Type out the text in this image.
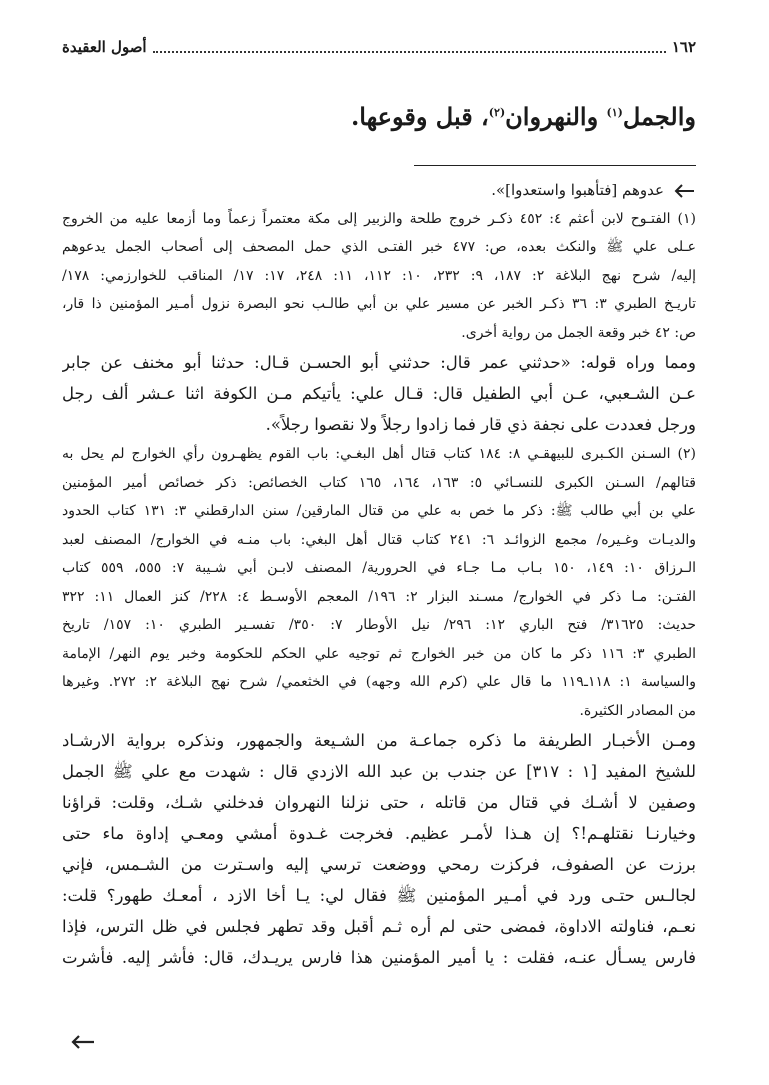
١٦٢
أصول العقيدة
والجمل$^{(١)}$ والنهروان$^{(٢)}$، قبل وقوعها.
عدوهم [فتأهبوا واستعدوا]».
(١) الفتـوح لابن أعثم ٤: ٤٥٢ ذكـر خروج طلحة والزبير إلى مكة معتمراً زعماً وما أزمعا عليه من الخروج
عـلى علي ﷺ والنكث بعده، ص: ٤٧٧ خبر الفتـى الذي حمل المصحف إلى أصحاب الجمل يدعوهم
إليه/ شرح نهج البلاغة ٢: ١٨٧، ٩: ٢٣٢، ١٠: ١١٢، ١١: ٢٤٨، ١٧: ١٧/ المناقب للخوارزمي: ١٧٨/
تاريـخ الطبري ٣: ٣٦ ذكـر الخبر عن مسير علي بن أبي طالـب نحو البصرة نزول أمـير المؤمنين ذا قار،
ص: ٤٢ خبر وقعة الجمل من رواية أخرى.
ومما وراه قوله: «حدثني عمر قال: حدثني أبو الحسـن قـال: حدثنا أبو مخنف عن جابر
عـن الشـعبي، عـن أبي الطفيل قال: قـال علي: يأتيكم مـن الكوفة اثنا عـشر ألف رجل
ورجل فعددت على نجفة ذي قار فما زادوا رجلاً ولا نقصوا رجلاً».
(٢) السـنن الكـبرى للبيهقـي ٨: ١٨٤ كتاب قتال أهل البغـي: باب القوم يظهـرون رأي الخوارج لم يحل به
قتالهم/ السـنن الكبرى للنسـائي ٥: ١٦٣، ١٦٤، ١٦٥ كتاب الخصائص: ذكر خصائص أمير المؤمنين
علي بن أبي طالب ﷺ: ذكر ما خص به علي من قتال المارقين/ سنن الدارقطني ٣: ١٣١ كتاب الحدود
والديـات وغـيره/ مجمع الزوائـد ٦: ٢٤١ كتاب قتال أهل البغي: باب منـه في الخوارج/ المصنف لعبد
الـرزاق ١٠: ١٤٩، ١٥٠ بـاب مـا جـاء في الحرورية/ المصنف لابـن أبي شـيبة ٧: ٥٥٥، ٥٥٩ كتاب
الفتـن: مـا ذكر في الخوارج/ مسـند البزار ٢: ١٩٦/ المعجم الأوسـط ٤: ٢٢٨/ كنز العمال ١١: ٣٢٢
حديث: ٣١٦٢٥/ فتح الباري ١٢: ٢٩٦/ نيل الأوطار ٧: ٣٥٠/ تفسـير الطبري ١٠: ١٥٧/ تاريخ
الطبري ٣: ١١٦ ذكر ما كان من خبر الخوارج ثم توجيه علي الحكم للحكومة وخبر يوم النهر/ الإمامة
والسياسة ١: ١١٨ـ١١٩ ما قال علي (كرم الله وجهه) في الخثعمي/ شرح نهج البلاغة ٢: ٢٧٢. وغيرها
من المصادر الكثيرة.
ومـن الأخبـار الطريفة ما ذكره جماعـة من الشـيعة والجمهور، ونذكره برواية الارشـاد
للشيخ المفيد [١ : ٣١٧] عن جندب بن عبد الله الازدي قال : شهدت مع علي ﷺ الجمل
وصفين لا أشـك في قتال من قاتله ، حتى نزلنا النهروان فدخلني شـك، وقلت: قراؤنا
وخيارنـا نقتلهـم!؟ إن هـذا لأمـر عظيم. فخرجت غـدوة أمشي ومعـي إداوة ماء حتى
برزت عن الصفوف، فركزت رمحي ووضعت ترسي إليه واسـترت من الشـمس، فإني
لجالـس حتـى ورد في أمـير المؤمنين ﷺ فقال لي: يـا أخا الازد ، أمعـك طهور؟ قلت:
نعـم، فناولته الاداوة، فمضى حتى لم أره ثـم أقبل وقد تطهر فجلس في ظل الترس، فإذا
فارس يسـأل عنـه، فقلت : يا أمير المؤمنين هذا فارس يريـدك، قال: فأشر إليه. فأشرت
